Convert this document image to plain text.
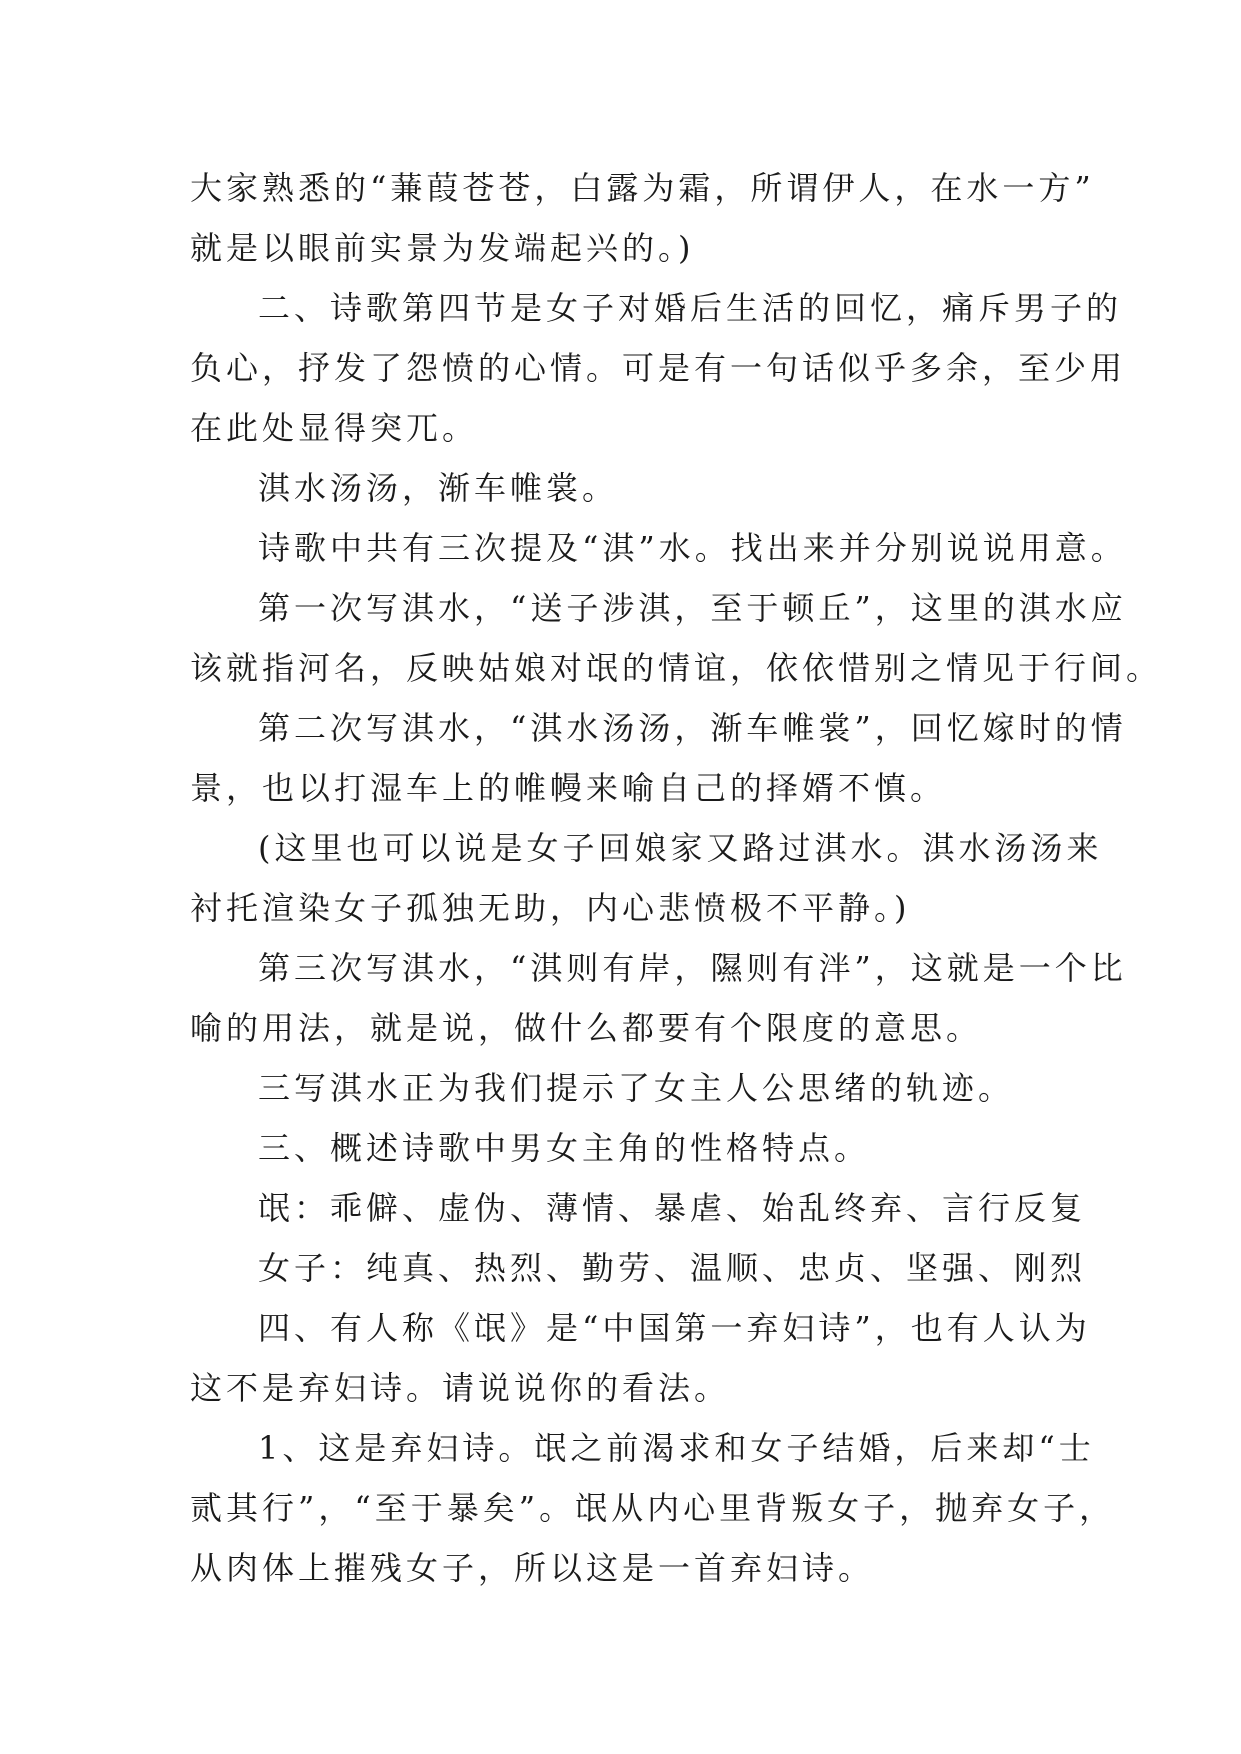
大家熟悉的“蒹葭苍苍，白露为霜，所谓伊人，在水一方”
就是以眼前实景为发端起兴的。)
二、诗歌第四节是女子对婚后生活的回忆，痛斥男子的
负心，抒发了怨愤的心情。可是有一句话似乎多余，至少用
在此处显得突兀。
淇水汤汤，渐车帷裳。
诗歌中共有三次提及“淇”水。找出来并分别说说用意。
第一次写淇水，“送子涉淇，至于顿丘”，这里的淇水应
该就指河名，反映姑娘对氓的情谊，依依惜别之情见于行间。
第二次写淇水，“淇水汤汤，渐车帷裳”，回忆嫁时的情
景，也以打湿车上的帷幔来喻自己的择婿不慎。
(这里也可以说是女子回娘家又路过淇水。淇水汤汤来
衬托渲染女子孤独无助，内心悲愤极不平静。)
第三次写淇水，“淇则有岸，隰则有泮”，这就是一个比
喻的用法，就是说，做什么都要有个限度的意思。
三写淇水正为我们提示了女主人公思绪的轨迹。
三、概述诗歌中男女主角的性格特点。
氓：乖僻、虚伪、薄情、暴虐、始乱终弃、言行反复
女子：纯真、热烈、勤劳、温顺、忠贞、坚强、刚烈
四、有人称《氓》是“中国第一弃妇诗”，也有人认为
这不是弃妇诗。请说说你的看法。
1、这是弃妇诗。氓之前渴求和女子结婚，后来却“士
贰其行”，“至于暴矣”。氓从内心里背叛女子，抛弃女子，
从肉体上摧残女子，所以这是一首弃妇诗。
